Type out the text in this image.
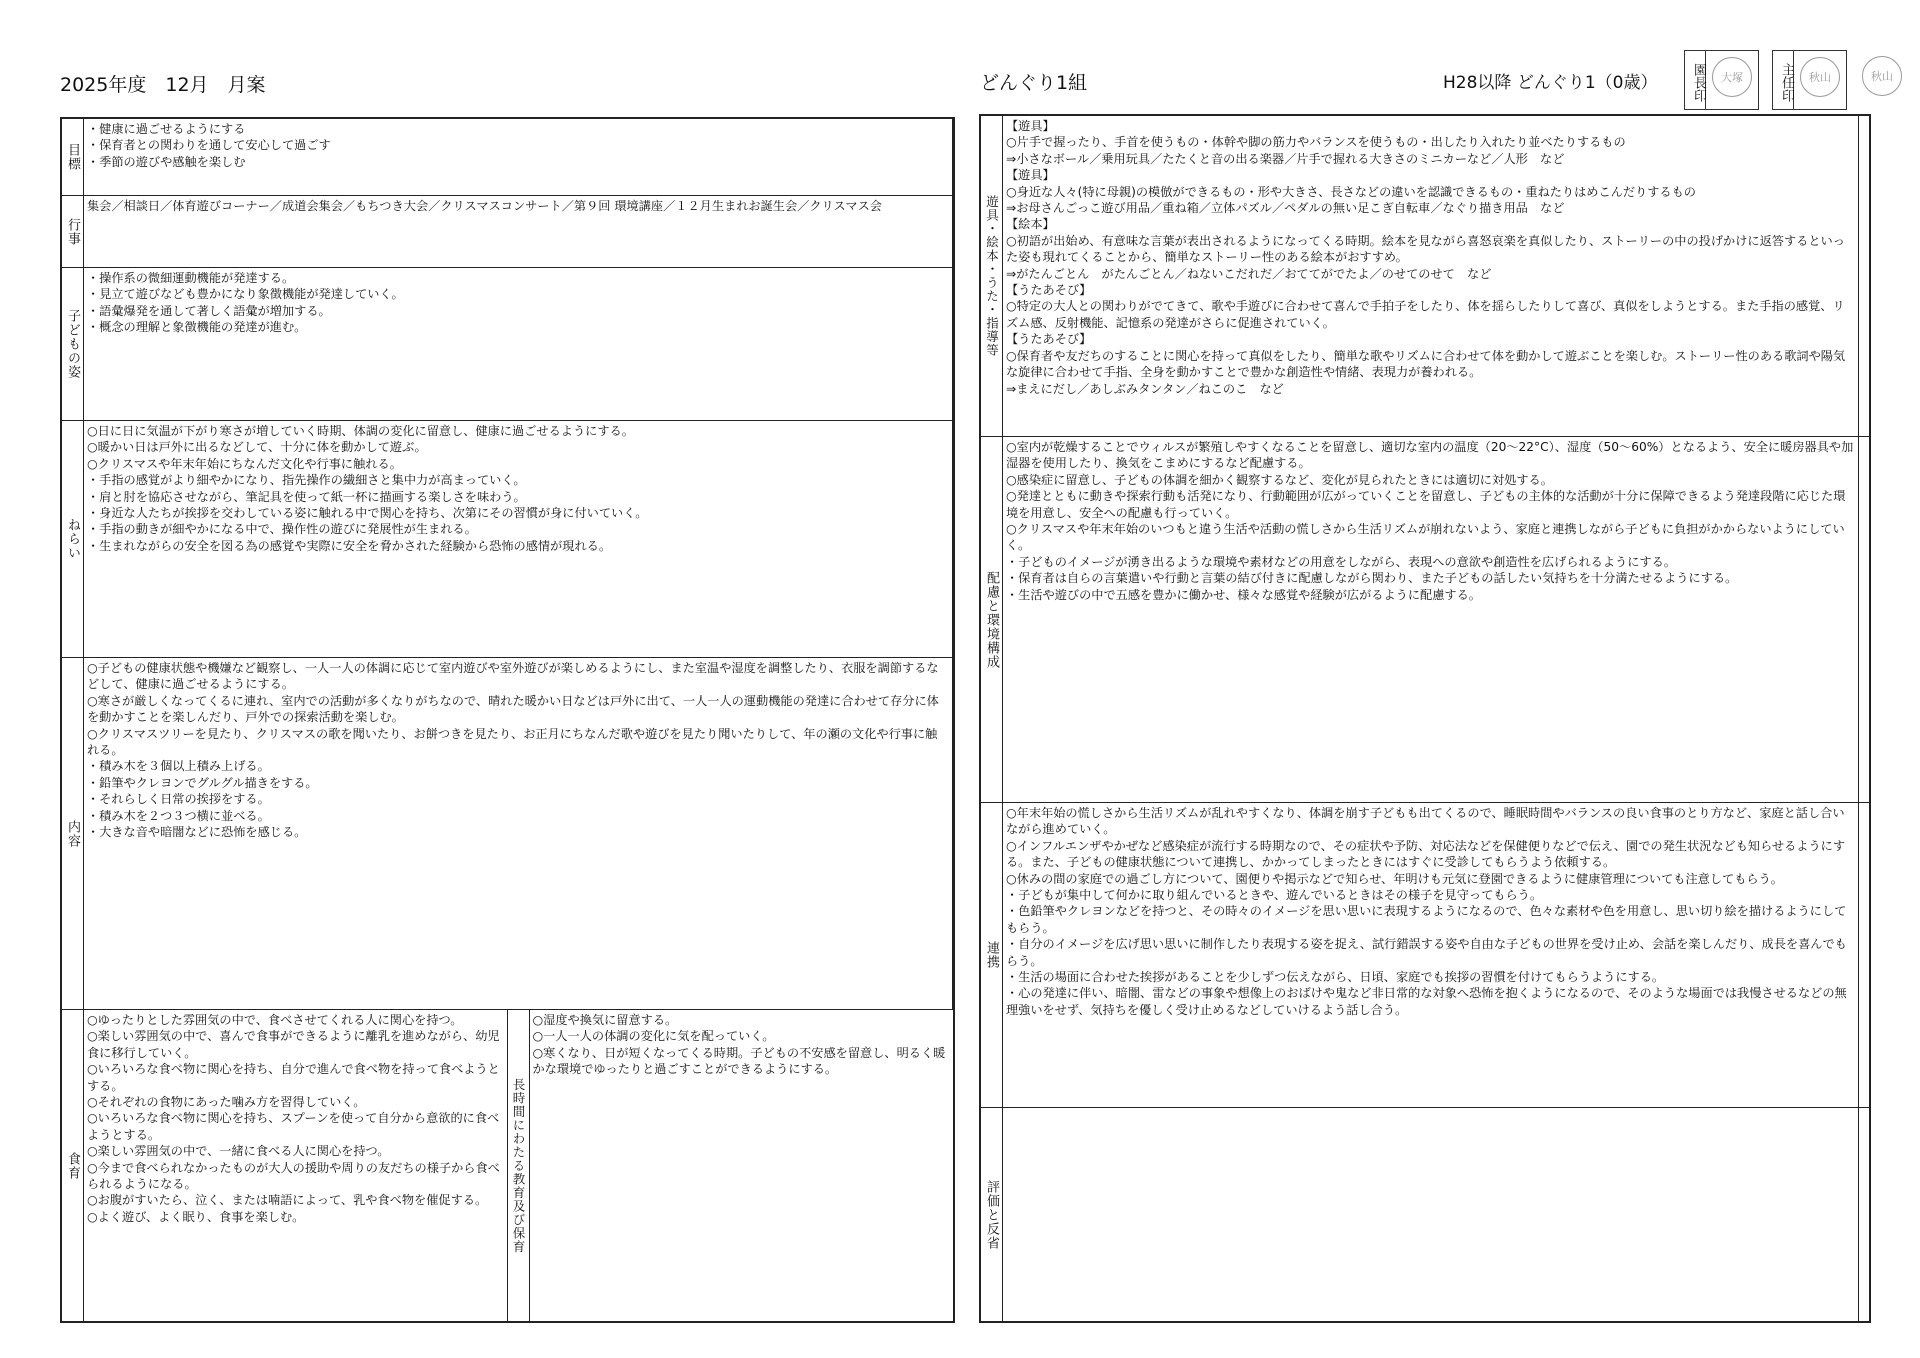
2025年度　12月　月案	どんぐり1組	H28以降 どんぐり1（0歳）	園長印	大塚	主任印	秋山	秋山
目標
・健康に過ごせるようにする
・保育者との関わりを通して安心して過ごす
・季節の遊びや感触を楽しむ
行事
集会／相談日／体育遊びコーナー／成道会集会／もちつき大会／クリスマスコンサート／第９回 環境講座／１２月生まれお誕生会／クリスマス会
子どもの姿
・操作系の微細運動機能が発達する。
・見立て遊びなども豊かになり象徴機能が発達していく。
・語彙爆発を通して著しく語彙が増加する。
・概念の理解と象徴機能の発達が進む。
ねらい
○日に日に気温が下がり寒さが増していく時期、体調の変化に留意し、健康に過ごせるようにする。
○暖かい日は戸外に出るなどして、十分に体を動かして遊ぶ。
○クリスマスや年末年始にちなんだ文化や行事に触れる。
・手指の感覚がより細やかになり、指先操作の繊細さと集中力が高まっていく。
・肩と肘を協応させながら、筆記具を使って紙一杯に描画する楽しさを味わう。
・身近な人たちが挨拶を交わしている姿に触れる中で関心を持ち、次第にその習慣が身に付いていく。
・手指の動きが細やかになる中で、操作性の遊びに発展性が生まれる。
・生まれながらの安全を図る為の感覚や実際に安全を脅かされた経験から恐怖の感情が現れる。
内容
○子どもの健康状態や機嫌など観察し、一人一人の体調に応じて室内遊びや室外遊びが楽しめるようにし、また室温や湿度を調整したり、衣服を調節するなどして、健康に過ごせるようにする。
○寒さが厳しくなってくるに連れ、室内での活動が多くなりがちなので、晴れた暖かい日などは戸外に出て、一人一人の運動機能の発達に合わせて存分に体を動かすことを楽しんだり、戸外での探索活動を楽しむ。
○クリスマスツリーを見たり、クリスマスの歌を聞いたり、お餅つきを見たり、お正月にちなんだ歌や遊びを見たり聞いたりして、年の瀬の文化や行事に触れる。
・積み木を３個以上積み上げる。
・鉛筆やクレヨンでグルグル描きをする。
・それらしく日常の挨拶をする。
・積み木を２つ３つ横に並べる。
・大きな音や暗闇などに恐怖を感じる。
食育
○ゆったりとした雰囲気の中で、食べさせてくれる人に関心を持つ。
○楽しい雰囲気の中で、喜んで食事ができるように離乳を進めながら、幼児食に移行していく。
○いろいろな食べ物に関心を持ち、自分で進んで食べ物を持って食べようとする。
○それぞれの食物にあった噛み方を習得していく。
○いろいろな食べ物に関心を持ち、スプーンを使って自分から意欲的に食べようとする。
○楽しい雰囲気の中で、一緒に食べる人に関心を持つ。
○今まで食べられなかったものが大人の援助や周りの友だちの様子から食べられるようになる。
○お腹がすいたら、泣く、または喃語によって、乳や食べ物を催促する。
○よく遊び、よく眠り、食事を楽しむ。	長時間にわたる教育及び保育
○湿度や換気に留意する。
○一人一人の体調の変化に気を配っていく。
○寒くなり、日が短くなってくる時期。子どもの不安感を留意し、明るく暖かな環境でゆったりと過ごすことができるようにする。
遊具・絵本・うた・指導等
【遊具】
○片手で握ったり、手首を使うもの・体幹や脚の筋力やバランスを使うもの・出したり入れたり並べたりするもの
⇒小さなボール／乗用玩具／たたくと音の出る楽器／片手で握れる大きさのミニカーなど／人形　など
【遊具】
○身近な人々(特に母親)の模倣ができるもの・形や大きさ、長さなどの違いを認識できるもの・重ねたりはめこんだりするもの
⇒お母さんごっこ遊び用品／重ね箱／立体パズル／ペダルの無い足こぎ自転車／なぐり描き用品　など
【絵本】
○初語が出始め、有意味な言葉が表出されるようになってくる時期。絵本を見ながら喜怒哀楽を真似したり、ストーリーの中の投げかけに返答するといった姿も現れてくることから、簡単なストーリー性のある絵本がおすすめ。
⇒がたんごとん　がたんごとん／ねないこだれだ／おててがでたよ／のせてのせて　など
【うたあそび】
○特定の大人との関わりがでてきて、歌や手遊びに合わせて喜んで手拍子をしたり、体を揺らしたりして喜び、真似をしようとする。また手指の感覚、リズム感、反射機能、記憶系の発達がさらに促進されていく。
【うたあそび】
○保育者や友だちのすることに関心を持って真似をしたり、簡単な歌やリズムに合わせて体を動かして遊ぶことを楽しむ。ストーリー性のある歌詞や陽気な旋律に合わせて手指、全身を動かすことで豊かな創造性や情緒、表現力が養われる。
⇒まえにだし／あしぶみタンタン／ねこのこ　など
配慮と環境構成
○室内が乾燥することでウィルスが繁殖しやすくなることを留意し、適切な室内の温度（20～22°C）、湿度（50～60%）となるよう、安全に暖房器具や加湿器を使用したり、換気をこまめにするなど配慮する。
○感染症に留意し、子どもの体調を細かく観察するなど、変化が見られたときには適切に対処する。
○発達とともに動きや探索行動も活発になり、行動範囲が広がっていくことを留意し、子どもの主体的な活動が十分に保障できるよう発達段階に応じた環境を用意し、安全への配慮も行っていく。
○クリスマスや年末年始のいつもと違う生活や活動の慌しさから生活リズムが崩れないよう、家庭と連携しながら子どもに負担がかからないようにしていく。
・子どものイメージが湧き出るような環境や素材などの用意をしながら、表現への意欲や創造性を広げられるようにする。
・保育者は自らの言葉遣いや行動と言葉の結び付きに配慮しながら関わり、また子どもの話したい気持ちを十分満たせるようにする。
・生活や遊びの中で五感を豊かに働かせ、様々な感覚や経験が広がるように配慮する。
連携
○年末年始の慌しさから生活リズムが乱れやすくなり、体調を崩す子どもも出てくるので、睡眠時間やバランスの良い食事のとり方など、家庭と話し合いながら進めていく。
○インフルエンザやかぜなど感染症が流行する時期なので、その症状や予防、対応法などを保健便りなどで伝え、園での発生状況なども知らせるようにする。また、子どもの健康状態について連携し、かかってしまったときにはすぐに受診してもらうよう依頼する。
○休みの間の家庭での過ごし方について、園便りや掲示などで知らせ、年明けも元気に登園できるように健康管理についても注意してもらう。
・子どもが集中して何かに取り組んでいるときや、遊んでいるときはその様子を見守ってもらう。
・色鉛筆やクレヨンなどを持つと、その時々のイメージを思い思いに表現するようになるので、色々な素材や色を用意し、思い切り絵を描けるようにしてもらう。
・自分のイメージを広げ思い思いに制作したり表現する姿を捉え、試行錯誤する姿や自由な子どもの世界を受け止め、会話を楽しんだり、成長を喜んでもらう。
・生活の場面に合わせた挨拶があることを少しずつ伝えながら、日頃、家庭でも挨拶の習慣を付けてもらうようにする。
・心の発達に伴い、暗闇、雷などの事象や想像上のおばけや鬼など非日常的な対象へ恐怖を抱くようになるので、そのような場面では我慢させるなどの無理強いをせず、気持ちを優しく受け止めるなどしていけるよう話し合う。
評価と反省
